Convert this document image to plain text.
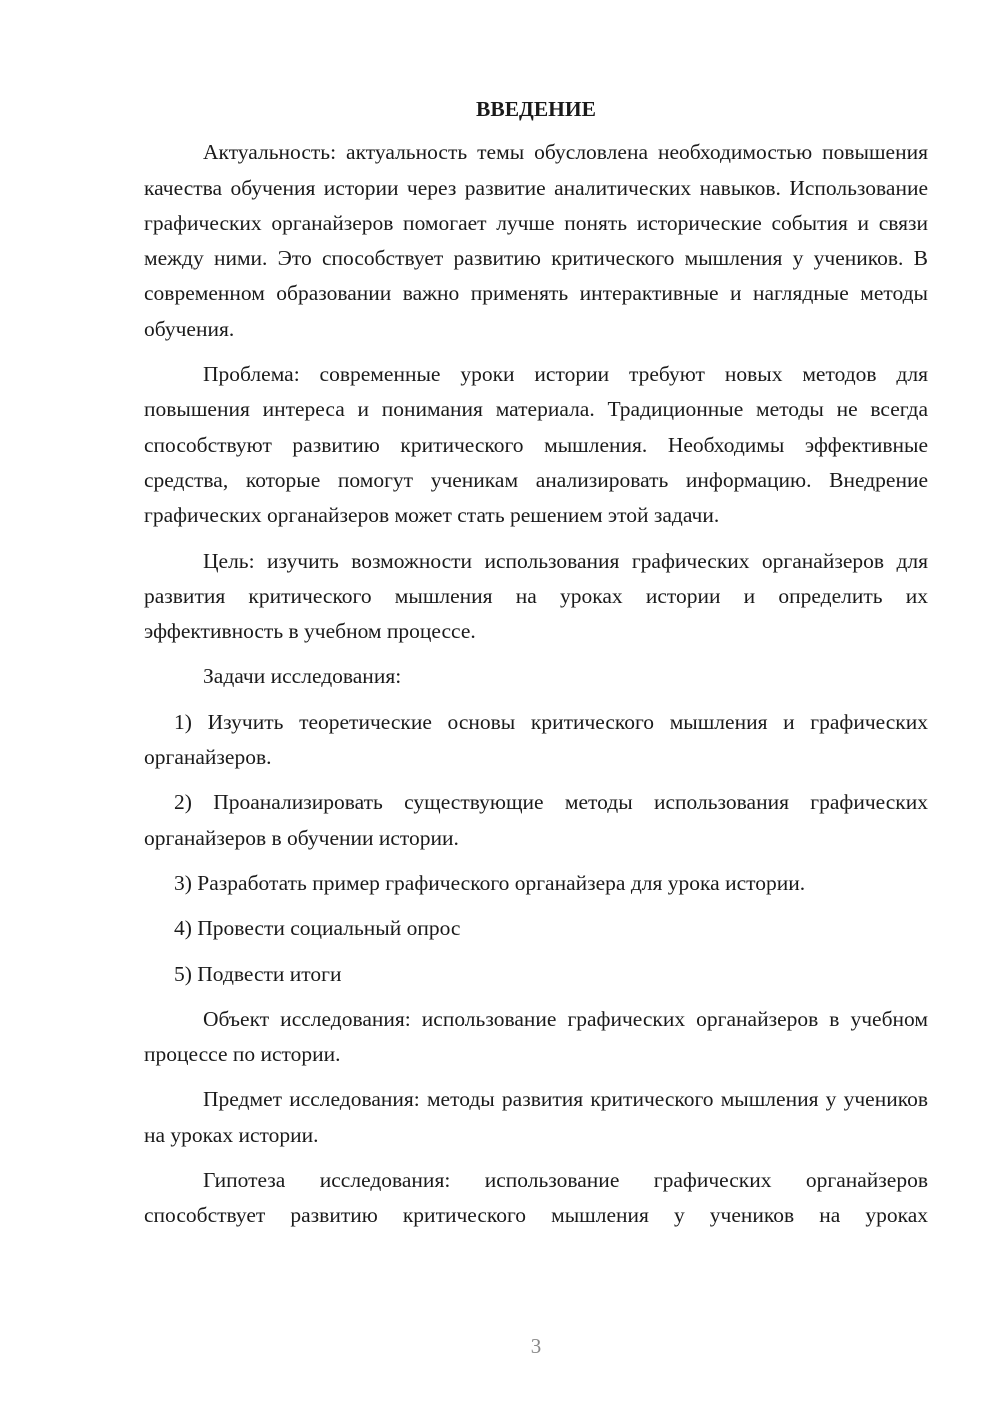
ВВЕДЕНИЕ

Актуальность: актуальность темы обусловлена необходимостью повышения качества обучения истории через развитие аналитических навыков. Использование графических органайзеров помогает лучше понять исторические события и связи между ними. Это способствует развитию критического мышления у учеников. В современном образовании важно применять интерактивные и наглядные методы обучения.

Проблема: современные уроки истории требуют новых методов для повышения интереса и понимания материала. Традиционные методы не всегда способствуют развитию критического мышления. Необходимы эффективные средства, которые помогут ученикам анализировать информацию. Внедрение графических органайзеров может стать решением этой задачи.

Цель: изучить возможности использования графических органайзеров для развития критического мышления на уроках истории и определить их эффективность в учебном процессе.

Задачи исследования:

1) Изучить теоретические основы критического мышления и графических органайзеров.

2) Проанализировать существующие методы использования графических органайзеров в обучении истории.

3) Разработать пример графического органайзера для урока истории.

4) Провести социальный опрос

5) Подвести итоги

Объект исследования: использование графических органайзеров в учебном процессе по истории.

Предмет исследования: методы развития критического мышления у учеников на уроках истории.

Гипотеза исследования: использование графических органайзеров способствует развитию критического мышления у учеников на уроках

3
